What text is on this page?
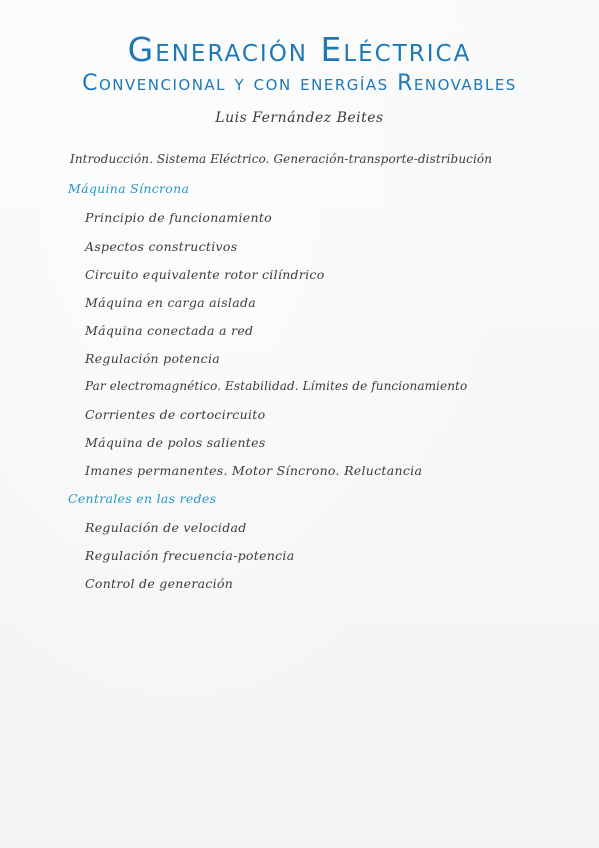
Generación Eléctrica
Convencional y con energías Renovables
Luis Fernández Beites
Introducción. Sistema Eléctrico. Generación-transporte-distribución
Máquina Síncrona
Principio de funcionamiento
Aspectos constructivos
Circuito equivalente rotor cilíndrico
Máquina en carga aislada
Máquina conectada a red
Regulación potencia
Par electromagnético. Estabilidad. Límites de funcionamiento
Corrientes de cortocircuito
Máquina de polos salientes
Imanes permanentes. Motor Síncrono. Reluctancia
Centrales en las redes
Regulación de velocidad
Regulación frecuencia-potencia
Control de generación
